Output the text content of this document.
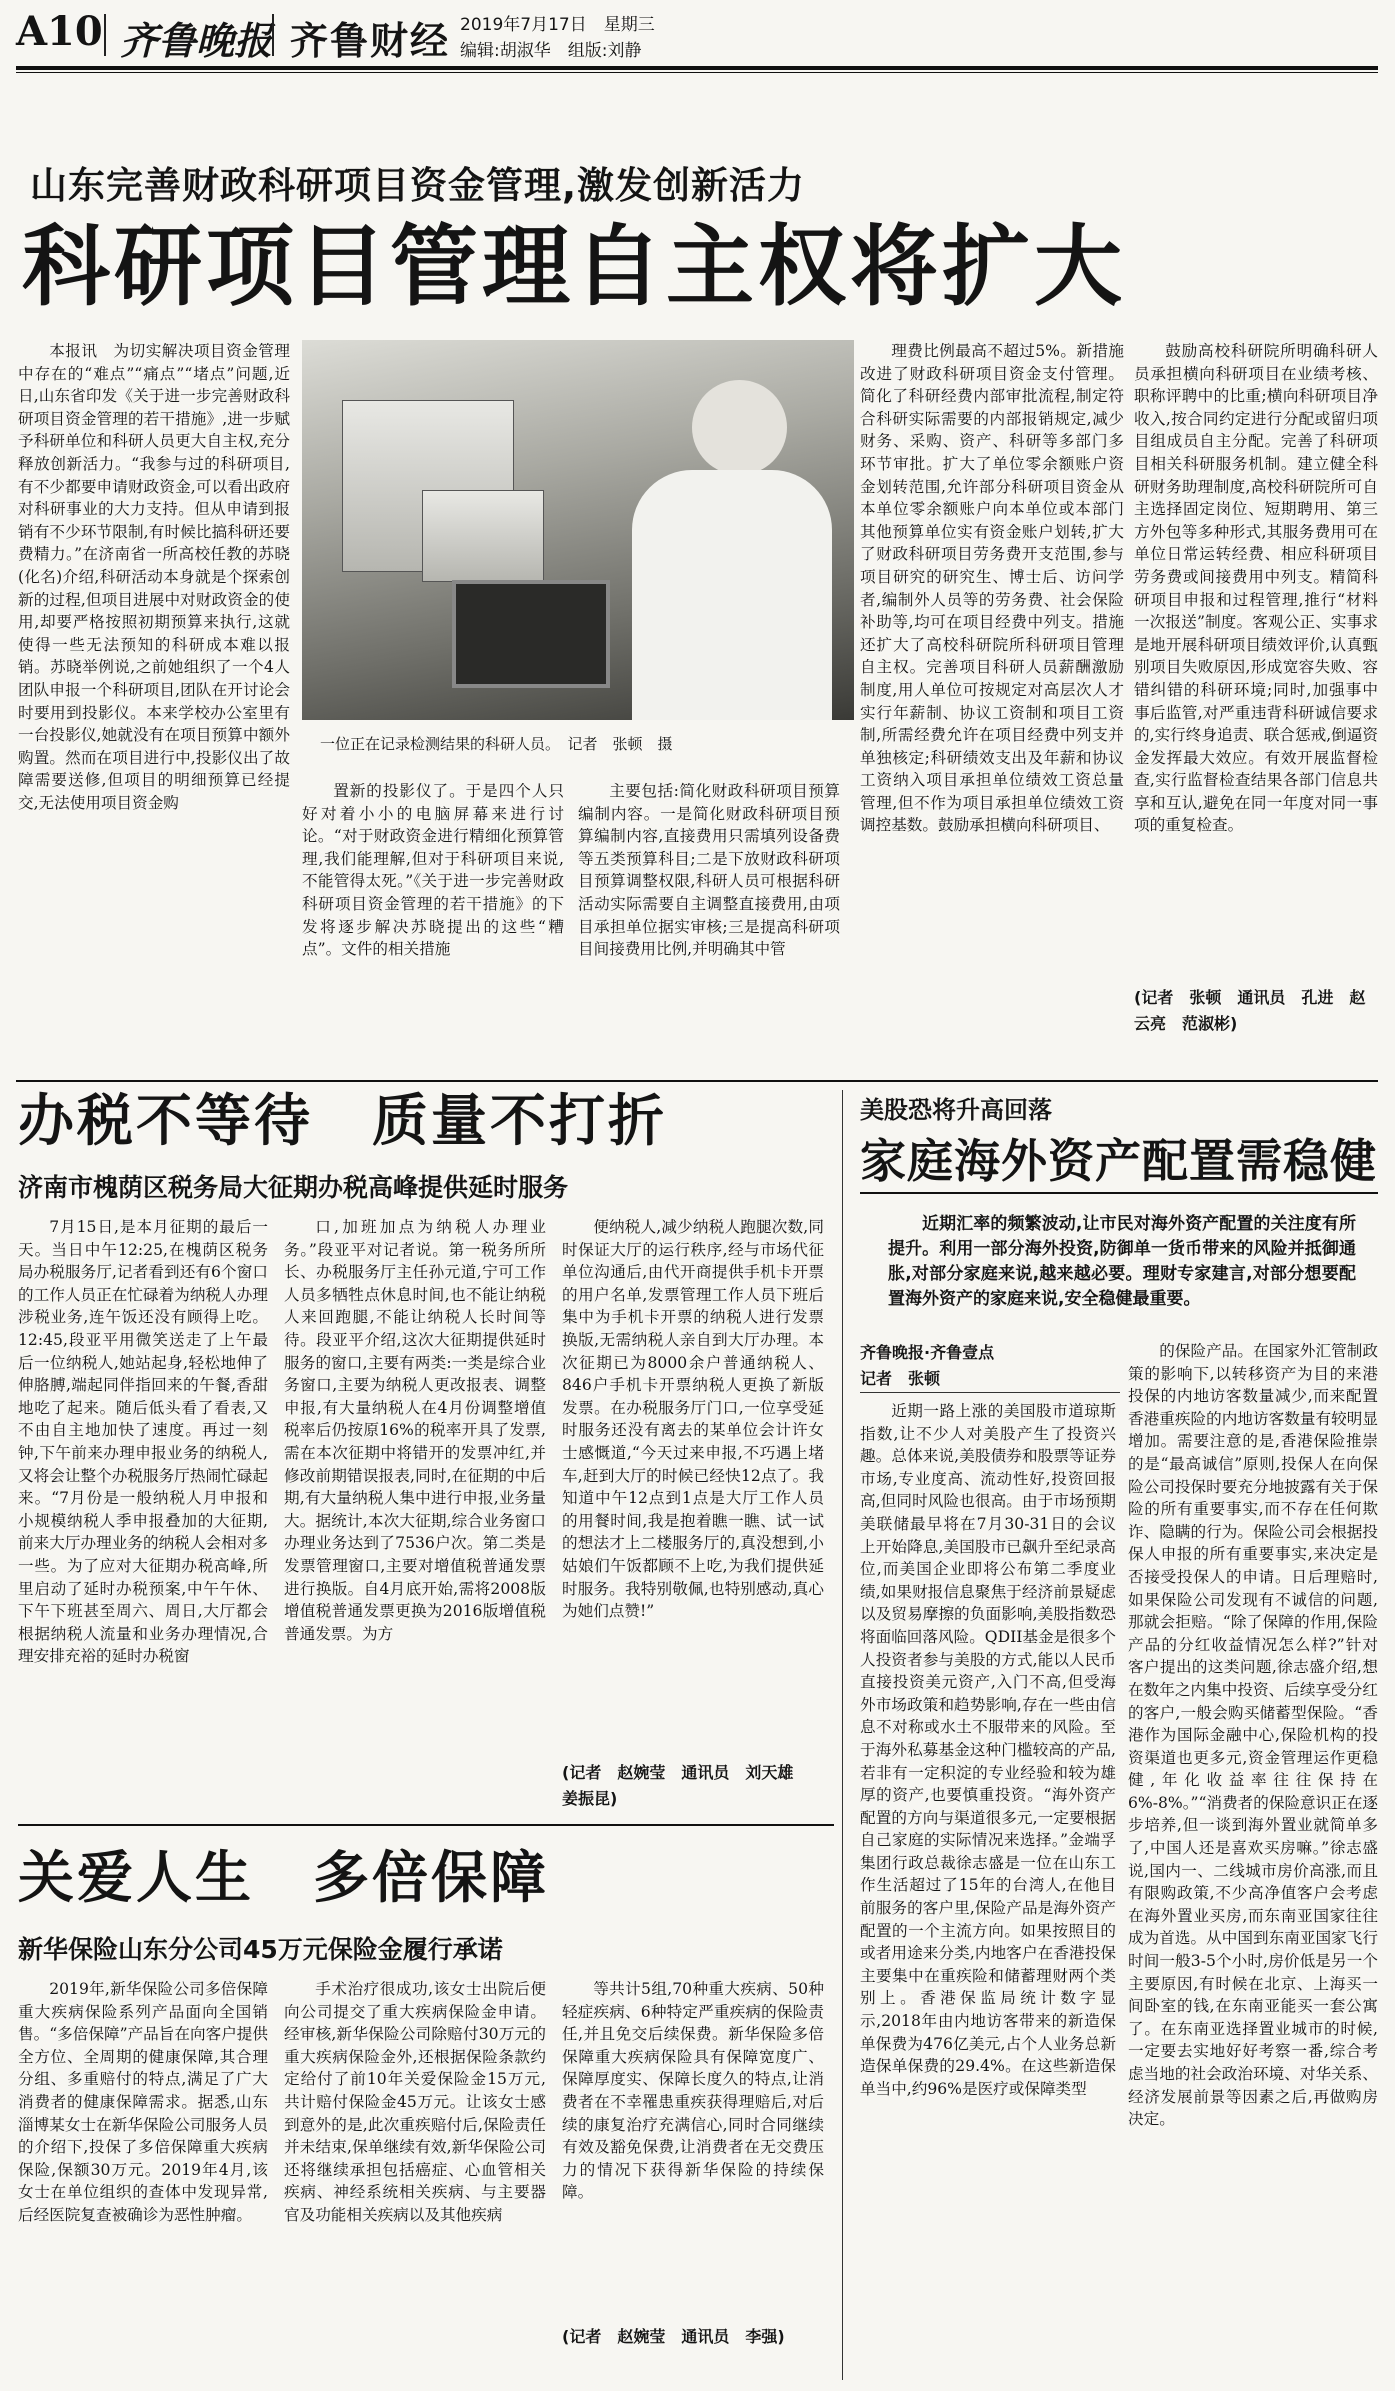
A10 齐鲁晚报 齐鲁财经 2019年7月17日　星期三
编辑:胡淑华　组版:刘静
山东完善财政科研项目资金管理,激发创新活力
科研项目管理自主权将扩大

本报讯　为切实解决项目资金管理中存在的“难点”“痛点”“堵点”问题,近日,山东省印发《关于进一步完善财政科研项目资金管理的若干措施》,进一步赋予科研单位和科研人员更大自主权,充分释放创新活力。“我参与过的科研项目,有不少都要申请财政资金,可以看出政府对科研事业的大力支持。但从申请到报销有不少环节限制,有时候比搞科研还要费精力。”在济南省一所高校任教的苏晓(化名)介绍,科研活动本身就是个探索创新的过程,但项目进展中对财政资金的使用,却要严格按照初期预算来执行,这就使得一些无法预知的科研成本难以报销。苏晓举例说,之前她组织了一个4人团队申报一个科研项目,团队在开讨论会时要用到投影仪。本来学校办公室里有一台投影仪,她就没有在项目预算中额外购置。然而在项目进行中,投影仪出了故障需要送修,但项目的明细预算已经提交,无法使用项目资金购

一位正在记录检测结果的科研人员。　记者　张顿　摄

置新的投影仪了。于是四个人只好对着小小的电脑屏幕来进行讨论。“对于财政资金进行精细化预算管理,我们能理解,但对于科研项目来说,不能管得太死。”《关于进一步完善财政科研项目资金管理的若干措施》的下发将逐步解决苏晓提出的这些“糟点”。文件的相关措施

主要包括:简化财政科研项目预算编制内容。一是简化财政科研项目预算编制内容,直接费用只需填列设备费等五类预算科目;二是下放财政科研项目预算调整权限,科研人员可根据科研活动实际需要自主调整直接费用,由项目承担单位据实审核;三是提高科研项目间接费用比例,并明确其中管

理费比例最高不超过5%。新措施改进了财政科研项目资金支付管理。简化了科研经费内部审批流程,制定符合科研实际需要的内部报销规定,减少财务、采购、资产、科研等多部门多环节审批。扩大了单位零余额账户资金划转范围,允许部分科研项目资金从本单位零余额账户向本单位或本部门其他预算单位实有资金账户划转,扩大了财政科研项目劳务费开支范围,参与项目研究的研究生、博士后、访问学者,编制外人员等的劳务费、社会保险补助等,均可在项目经费中列支。措施还扩大了高校科研院所科研项目管理自主权。完善项目科研人员薪酬激励制度,用人单位可按规定对高层次人才实行年薪制、协议工资制和项目工资制,所需经费允许在项目经费中列支并单独核定;科研绩效支出及年薪和协议工资纳入项目承担单位绩效工资总量管理,但不作为项目承担单位绩效工资调控基数。鼓励承担横向科研项目、

鼓励高校科研院所明确科研人员承担横向科研项目在业绩考核、职称评聘中的比重;横向科研项目净收入,按合同约定进行分配或留归项目组成员自主分配。完善了科研项目相关科研服务机制。建立健全科研财务助理制度,高校科研院所可自主选择固定岗位、短期聘用、第三方外包等多种形式,其服务费用可在单位日常运转经费、相应科研项目劳务费或间接费用中列支。精简科研项目申报和过程管理,推行“材料一次报送”制度。客观公正、实事求是地开展科研项目绩效评价,认真甄别项目失败原因,形成宽容失败、容错纠错的科研环境;同时,加强事中事后监管,对严重违背科研诚信要求的,实行终身追责、联合惩戒,倒逼资金发挥最大效应。有效开展监督检查,实行监督检查结果各部门信息共享和互认,避免在同一年度对同一事项的重复检查。

(记者　张顿　通讯员　孔进　赵云亮　范淑彬)
办税不等待　质量不打折
济南市槐荫区税务局大征期办税高峰提供延时服务

7月15日,是本月征期的最后一天。当日中午12:25,在槐荫区税务局办税服务厅,记者看到还有6个窗口的工作人员正在忙碌着为纳税人办理涉税业务,连午饭还没有顾得上吃。12:45,段亚平用微笑送走了上午最后一位纳税人,她站起身,轻松地伸了伸胳膊,端起同伴指回来的午餐,香甜地吃了起来。随后低头看了看表,又不由自主地加快了速度。再过一刻钟,下午前来办理申报业务的纳税人,又将会让整个办税服务厅热闹忙碌起来。“7月份是一般纳税人月申报和小规模纳税人季申报叠加的大征期,前来大厅办理业务的纳税人会相对多一些。为了应对大征期办税高峰,所里启动了延时办税预案,中午午休、下午下班甚至周六、周日,大厅都会根据纳税人流量和业务办理情况,合理安排充裕的延时办税窗

口,加班加点为纳税人办理业务。”段亚平对记者说。第一税务所所长、办税服务厅主任孙元道,宁可工作人员多牺牲点休息时间,也不能让纳税人来回跑腿,不能让纳税人长时间等待。段亚平介绍,这次大征期提供延时服务的窗口,主要有两类:一类是综合业务窗口,主要为纳税人更改报表、调整申报,有大量纳税人在4月份调整增值税率后仍按原16%的税率开具了发票,需在本次征期中将错开的发票冲红,并修改前期错误报表,同时,在征期的中后期,有大量纳税人集中进行申报,业务量大。据统计,本次大征期,综合业务窗口办理业务达到了7536户次。第二类是发票管理窗口,主要对增值税普通发票进行换版。自4月底开始,需将2008版增值税普通发票更换为2016版增值税普通发票。为方

便纳税人,减少纳税人跑腿次数,同时保证大厅的运行秩序,经与市场代征单位沟通后,由代开商提供手机卡开票的用户名单,发票管理工作人员下班后集中为手机卡开票的纳税人进行发票换版,无需纳税人亲自到大厅办理。本次征期已为8000余户普通纳税人、846户手机卡开票纳税人更换了新版发票。在办税服务厅门口,一位享受延时服务还没有离去的某单位会计许女士感慨道,“今天过来申报,不巧遇上堵车,赶到大厅的时候已经快12点了。我知道中午12点到1点是大厅工作人员的用餐时间,我是抱着瞧一瞧、试一试的想法才上二楼服务厅的,真没想到,小姑娘们午饭都顾不上吃,为我们提供延时服务。我特别敬佩,也特别感动,真心为她们点赞!”

(记者　赵婉莹　通讯员　刘天雄　姜振昆)
关爱人生　多倍保障
新华保险山东分公司45万元保险金履行承诺

2019年,新华保险公司多倍保障重大疾病保险系列产品面向全国销售。“多倍保障”产品旨在向客户提供全方位、全周期的健康保障,其合理分组、多重赔付的特点,满足了广大消费者的健康保障需求。据悉,山东淄博某女士在新华保险公司服务人员的介绍下,投保了多倍保障重大疾病保险,保额30万元。2019年4月,该女士在单位组织的查体中发现异常,后经医院复查被确诊为恶性肿瘤。

手术治疗很成功,该女士出院后便向公司提交了重大疾病保险金申请。经审核,新华保险公司除赔付30万元的重大疾病保险金外,还根据保险条款约定给付了前10年关爱保险金15万元,共计赔付保险金45万元。让该女士感到意外的是,此次重疾赔付后,保险责任并未结束,保单继续有效,新华保险公司还将继续承担包括癌症、心血管相关疾病、神经系统相关疾病、与主要器官及功能相关疾病以及其他疾病

等共计5组,70种重大疾病、50种轻症疾病、6种特定严重疾病的保险责任,并且免交后续保费。新华保险多倍保障重大疾病保险具有保障宽度广、保障厚度实、保障长度久的特点,让消费者在不幸罹患重疾获得理赔后,对后续的康复治疗充满信心,同时合同继续有效及豁免保费,让消费者在无交费压力的情况下获得新华保险的持续保障。

(记者　赵婉莹　通讯员　李强)
美股恐将升高回落
家庭海外资产配置需稳健
近期汇率的频繁波动,让市民对海外资产配置的关注度有所提升。利用一部分海外投资,防御单一货币带来的风险并抵御通胀,对部分家庭来说,越来越必要。理财专家建言,对部分想要配置海外资产的家庭来说,安全稳健最重要。
齐鲁晚报·齐鲁壹点
记者　张顿

近期一路上涨的美国股市道琼斯指数,让不少人对美股产生了投资兴趣。总体来说,美股债券和股票等证券市场,专业度高、流动性好,投资回报高,但同时风险也很高。由于市场预期美联储最早将在7月30-31日的会议上开始降息,美国股市已飙升至纪录高位,而美国企业即将公布第二季度业绩,如果财报信息聚焦于经济前景疑虑以及贸易摩擦的负面影响,美股指数恐将面临回落风险。QDII基金是很多个人投资者参与美股的方式,能以人民币直接投资美元资产,入门不高,但受海外市场政策和趋势影响,存在一些由信息不对称或水土不服带来的风险。至于海外私募基金这种门槛较高的产品,若非有一定积淀的专业经验和较为雄厚的资产,也要慎重投资。“海外资产配置的方向与渠道很多元,一定要根据自己家庭的实际情况来选择。”金端孚集团行政总裁徐志盛是一位在山东工作生活超过了15年的台湾人,在他目前服务的客户里,保险产品是海外资产配置的一个主流方向。如果按照目的或者用途来分类,内地客户在香港投保主要集中在重疾险和储蓄理财两个类别上。香港保监局统计数字显示,2018年由内地访客带来的新造保单保费为476亿美元,占个人业务总新造保单保费的29.4%。在这些新造保单当中,约96%是医疗或保障类型

的保险产品。在国家外汇管制政策的影响下,以转移资产为目的来港投保的内地访客数量减少,而来配置香港重疾险的内地访客数量有较明显增加。需要注意的是,香港保险推崇的是“最高诚信”原则,投保人在向保险公司投保时要充分地披露有关于保险的所有重要事实,而不存在任何欺诈、隐瞒的行为。保险公司会根据投保人申报的所有重要事实,来决定是否接受投保人的申请。日后理赔时,如果保险公司发现有不诚信的问题,那就会拒赔。“除了保障的作用,保险产品的分红收益情况怎么样?”针对客户提出的这类问题,徐志盛介绍,想在数年之内集中投资、后续享受分红的客户,一般会购买储蓄型保险。“香港作为国际金融中心,保险机构的投资渠道也更多元,资金管理运作更稳健,年化收益率往往保持在6%-8%。”“消费者的保险意识正在逐步培养,但一谈到海外置业就简单多了,中国人还是喜欢买房嘛。”徐志盛说,国内一、二线城市房价高涨,而且有限购政策,不少高净值客户会考虑在海外置业买房,而东南亚国家往往成为首选。从中国到东南亚国家飞行时间一般3-5个小时,房价低是另一个主要原因,有时候在北京、上海买一间卧室的钱,在东南亚能买一套公寓了。在东南亚选择置业城市的时候,一定要去实地好好考察一番,综合考虑当地的社会政治环境、对华关系、经济发展前景等因素之后,再做购房决定。
